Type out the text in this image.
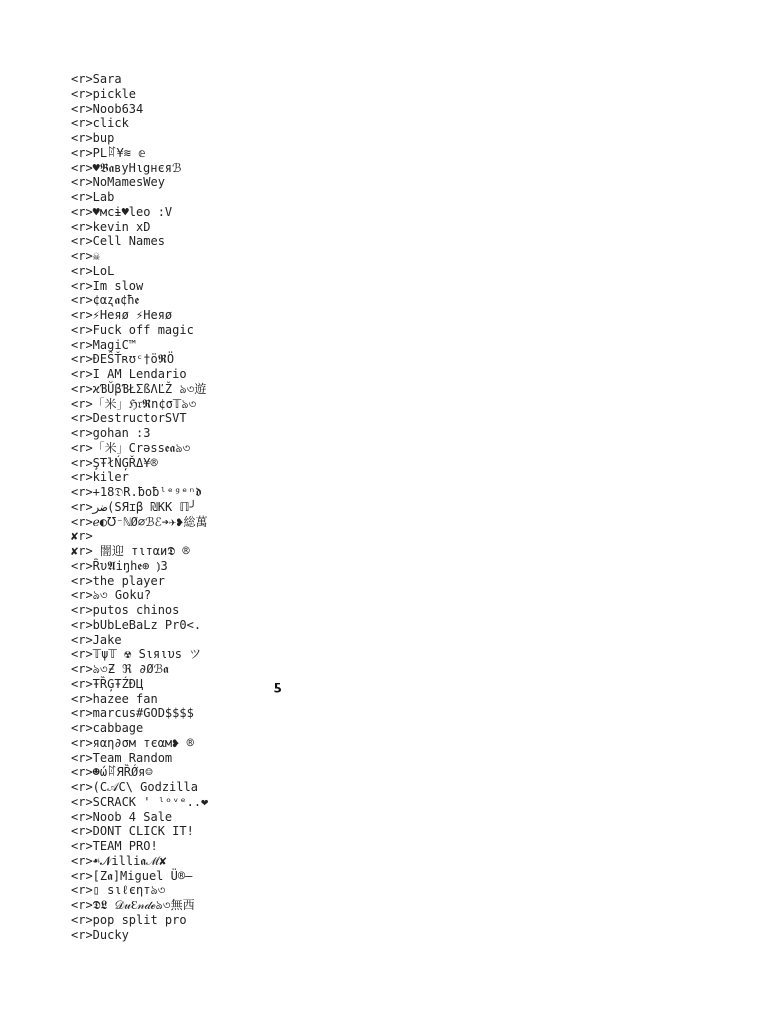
<r>Sara
<r>pickle
<r>Noob634
<r>click
<r>bup
<r>PLꍏ¥≋ 𝕖
<r>♥𝕭𝖆вуΗιgнєяℬ
<r>NoMamesWey
<r>Lab
<r>♥мсɨ♥leo :V
<r>kevin xD
<r>Cell Names
<r>☠
<r>LoL
<r>Im slow
<r>¢αʐ𝖆¢ħ𝖊
<r>⚡Неяø ⚡Неяø
<r>Fuck off magic
<r>MagiC™
<r>ĐΕŜŤʀʊᶜ†ӧ𝕽Ö
<r>I AM Lendario
<r>ϰƁŬβƁŁΣßΛĽŽ ঌ৩遊
<r>「米」ℌ𝔯𝕽n¢σ𝕋ঌ৩
<r>DestructorSVT
<r>gohan :3
<r>「米」Crəss𝖊𝖆ঌ৩
<r>ŞŦłŃĢŘΔ¥®
<r>kiler
<r>+18𝔇R.ƀoƀˡᵉᵍᵉⁿ𝖉
<r>ضر(SЯɪβ ₪КК ℿ╯
<r>ℯ◐℧⁻ℕØ∅ℬℰ➔✈❥総萬
✘r>
✘r> 闇迎 тιтαи𝕯 ®
<r>Ȓυ𝕬iŋh𝖊⊕ ⦆3
<r>the player
<r>ঌ৩ Goku?
<r>putos chinos
<r>bUbLeBaLz Pr0<.
<r>Jake
<r>𝕋ψ𝕋 ☢ Sιяιυs ツ
<r>ঌ৩Ƶ ℜ ∂Øℬ𝖆
<r>ŦȐĢŦŹĐЦ
<r>hazee fan
<r>marcus#GOD$$$$
<r>cabbage
<r>яαη∂σм тєαм❥ ®
<r>Team Random
<r>☻ώꍏЯȐǾя☺
<r>(C𝒜C\ Godzilla
<r>SCRACK ' ˡᵒᵛᵉ..❤
<r>Noob 4 Sale
<r>DONT CLICK IT!
<r>TEAM PRO!
<r>☙𝓝illi𝖆ℳ✘
<r>[Z𝖆]Miguel Ü®—
<r>▯ sιℓєηтঌ৩
<r>𝕯𝕷 𝒟𝓊ℇ𝓃𝒹ℯঌ৩無西
<r>pop split pro
<r>Ducky
ƽ
